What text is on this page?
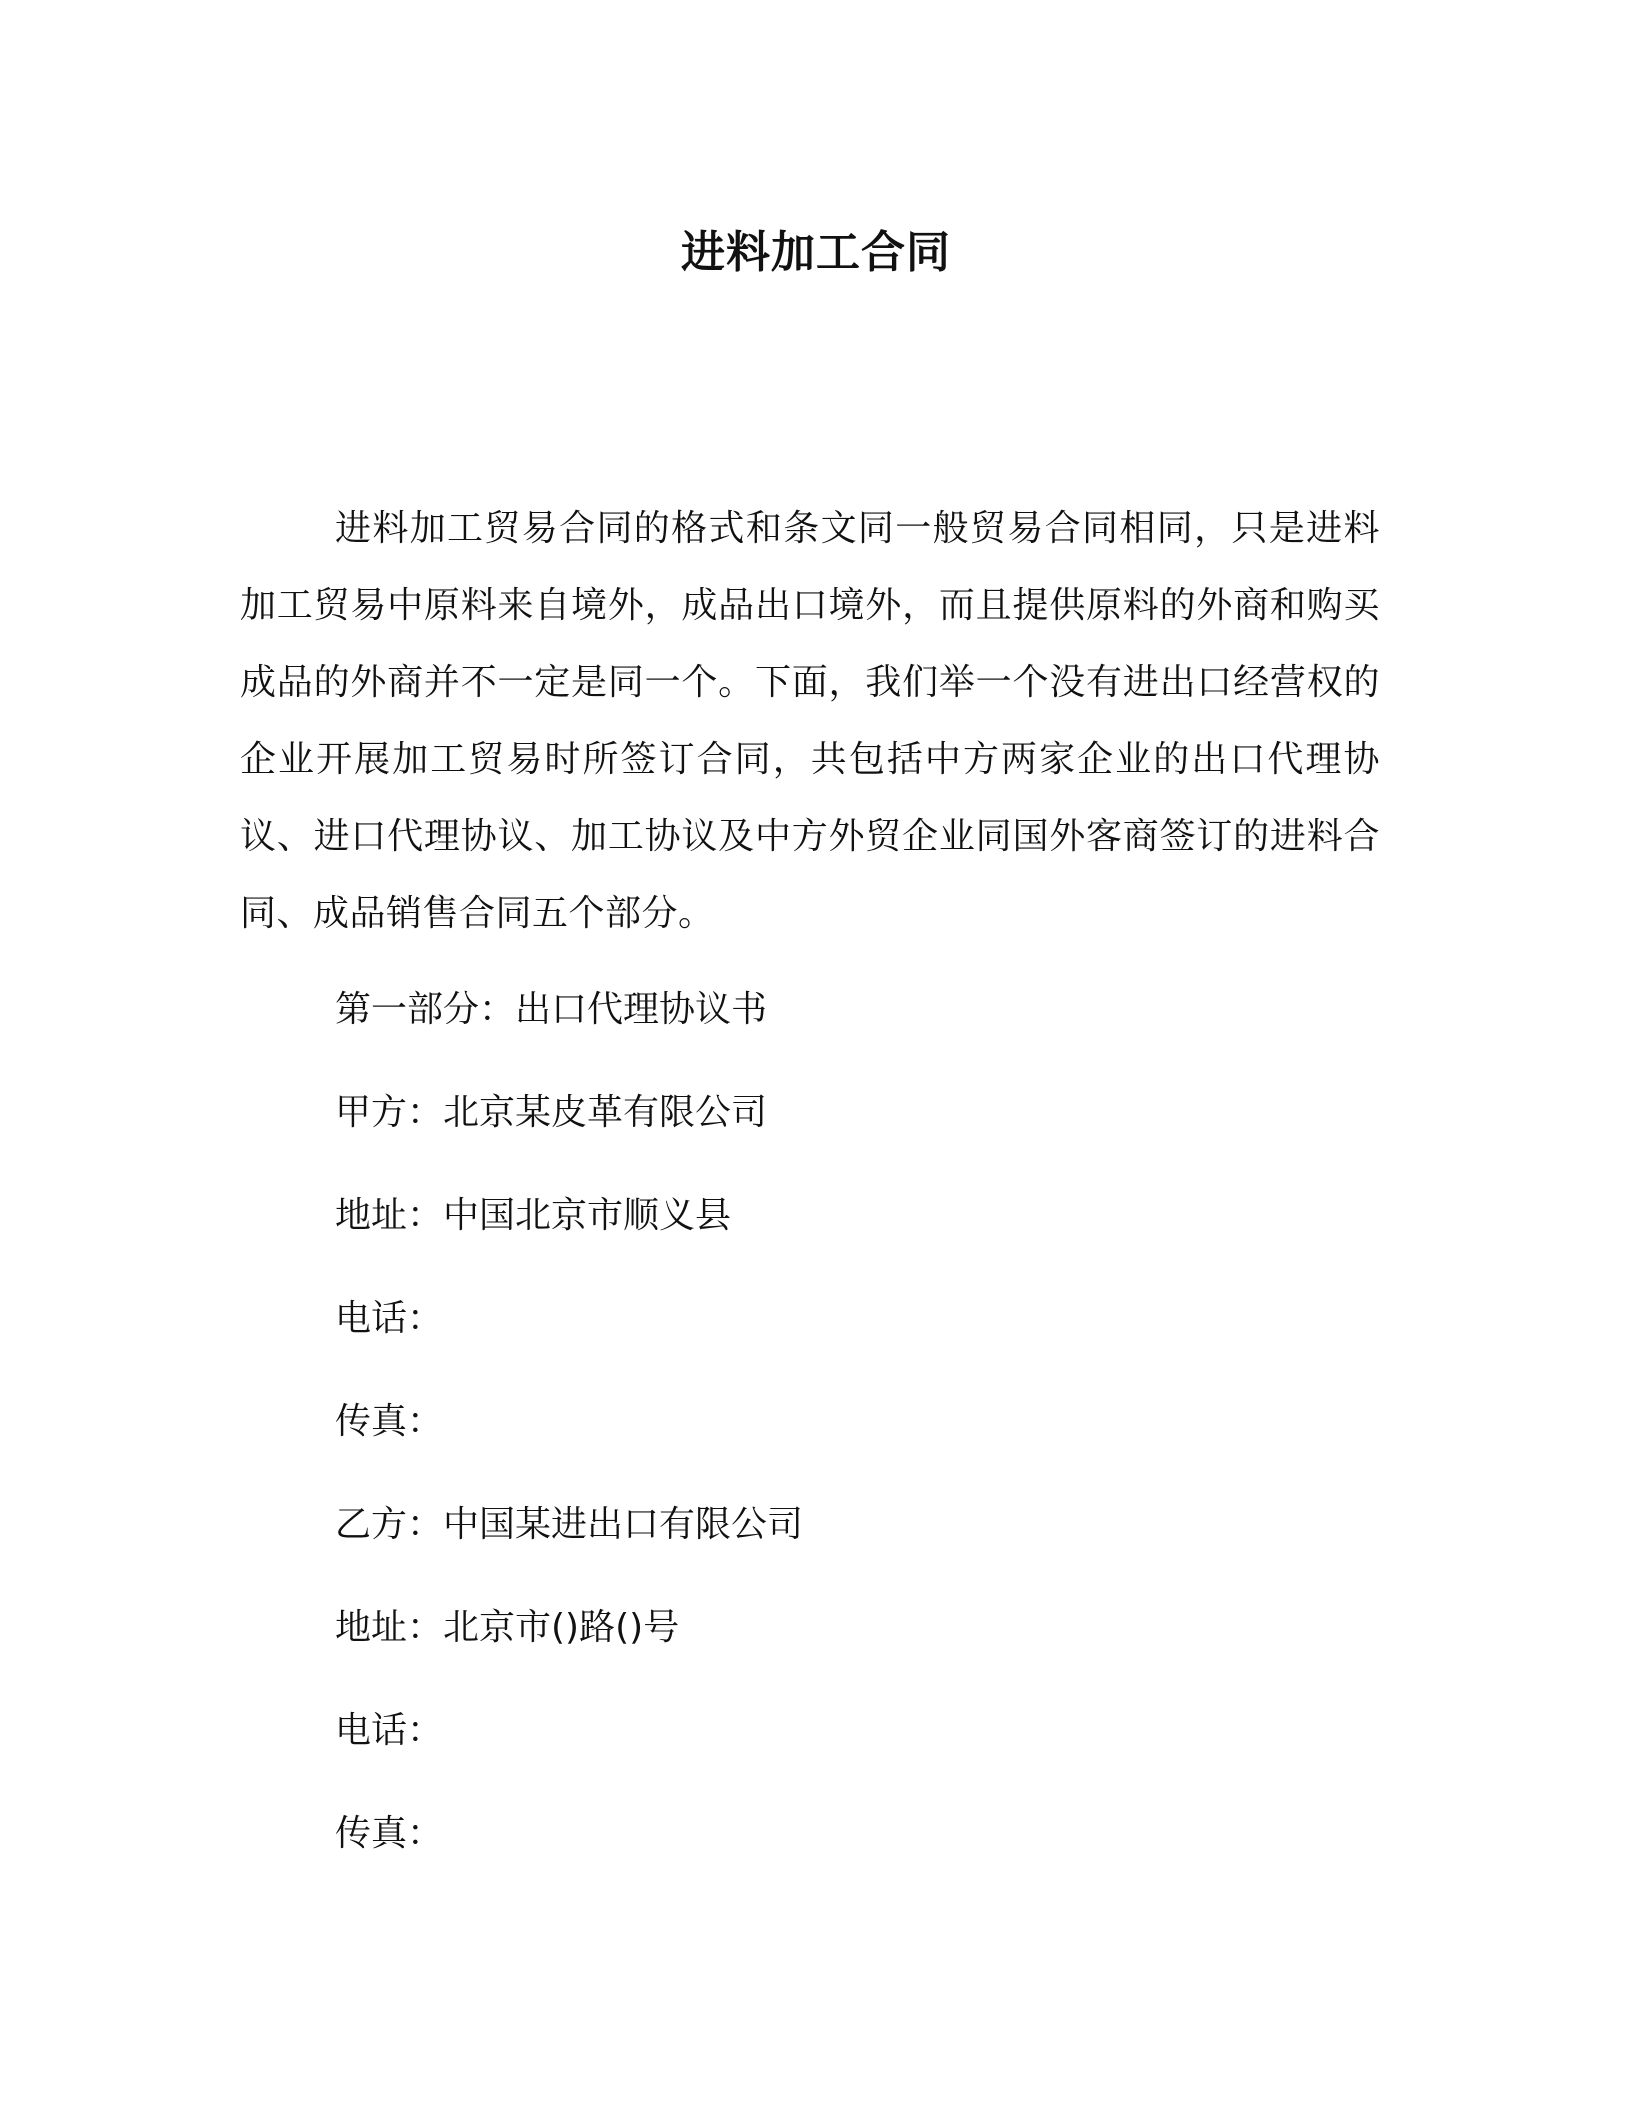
进料加工合同

进料加工贸易合同的格式和条文同一般贸易合同相同，只是进料加工贸易中原料来自境外，成品出口境外，而且提供原料的外商和购买成品的外商并不一定是同一个。下面，我们举一个没有进出口经营权的企业开展加工贸易时所签订合同，共包括中方两家企业的出口代理协议、进口代理协议、加工协议及中方外贸企业同国外客商签订的进料合同、成品销售合同五个部分。

第一部分：出口代理协议书

甲方：北京某皮革有限公司

地址：中国北京市顺义县

电话：

传真：

乙方：中国某进出口有限公司

地址：北京市()路()号

电话：

传真：
